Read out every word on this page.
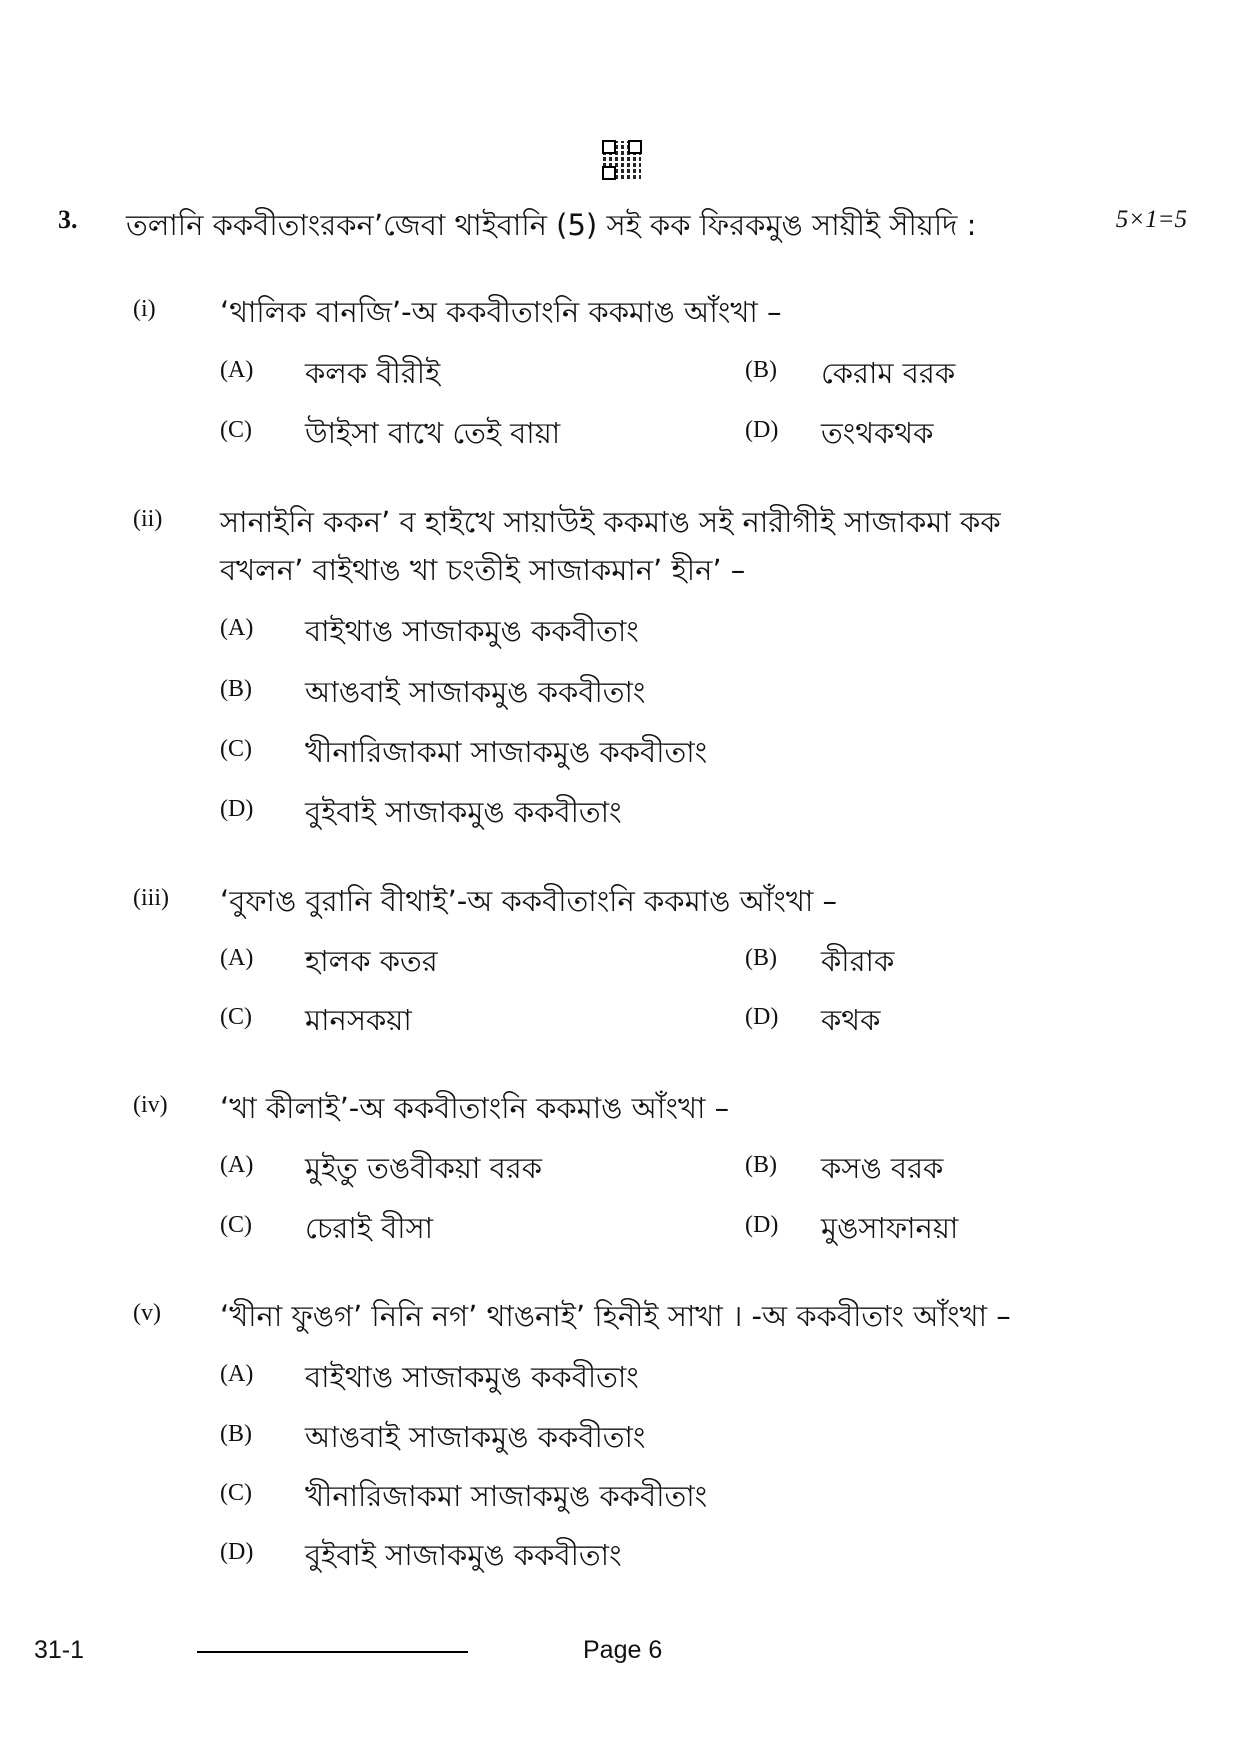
3. তলানি ককবীতাংরকন’জেবা থাইবানি (5) সই কক ফিরকমুঙ সায়ীই সীয়দি :	5×1=5
(i) ‘থালিক বানজি’-অ ককবীতাংনি ককমাঙ আঁংখা –
(A) কলক বীরীই	(B) কেরাম বরক
(C) উাইসা বাখে তেই বায়া	(D) তংথকথক
(ii) সানাইনি ককন’ ব হাইখে সায়াউই ককমাঙ সই নারীগীই সাজাকমা কক
বখলন’ বাইথাঙ খা চংতীই সাজাকমান’ হীন’ –
(A) বাইথাঙ সাজাকমুঙ ককবীতাং
(B) আঙবাই সাজাকমুঙ ককবীতাং
(C) খীনারিজাকমা সাজাকমুঙ ককবীতাং
(D) বুইবাই সাজাকমুঙ ককবীতাং
(iii) ‘বুফাঙ বুরানি বীথাই’-অ ককবীতাংনি ককমাঙ আঁংখা –
(A) হালক কতর	(B) কীরাক
(C) মানসকয়া	(D) কথক
(iv) ‘খা কীলাই’-অ ককবীতাংনি ককমাঙ আঁংখা –
(A) মুইতু তঙবীকয়া বরক	(B) কসঙ বরক
(C) চেরাই বীসা	(D) মুঙসাফানয়া
(v) ‘খীনা ফুঙগ’ নিনি নগ’ থাঙনাই’ হিনীই সাখা । -অ ককবীতাং আঁংখা –
(A) বাইথাঙ সাজাকমুঙ ককবীতাং
(B) আঙবাই সাজাকমুঙ ককবীতাং
(C) খীনারিজাকমা সাজাকমুঙ ককবীতাং
(D) বুইবাই সাজাকমুঙ ককবীতাং
31-1	Page 6
